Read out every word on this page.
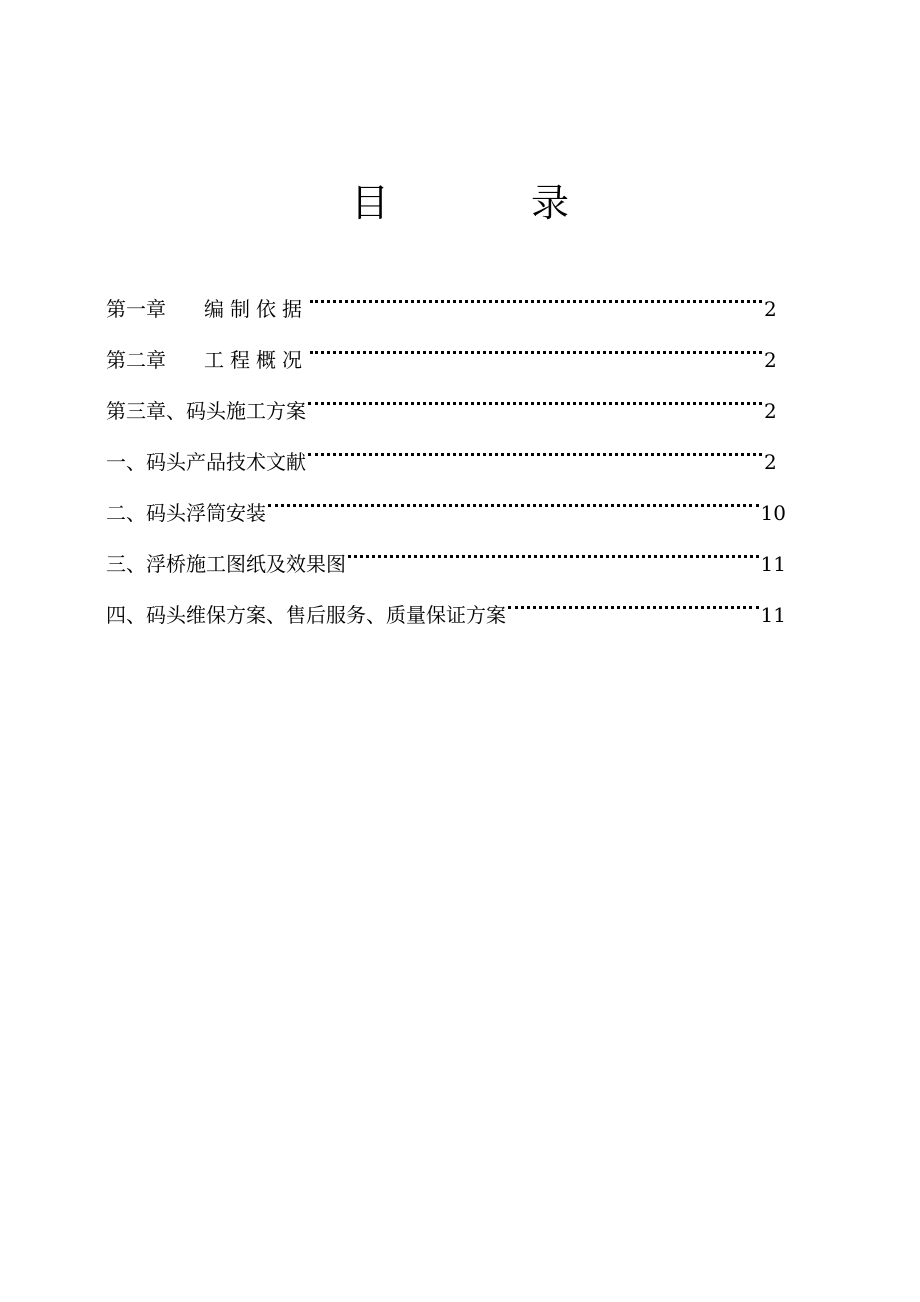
目　录
第一章 编制依据	2
第二章 工程概况	2
第三章、码头施工方案	2
一、码头产品技术文献	2
二、码头浮筒安装	10
三、浮桥施工图纸及效果图	11
四、码头维保方案、售后服务、质量保证方案	11
